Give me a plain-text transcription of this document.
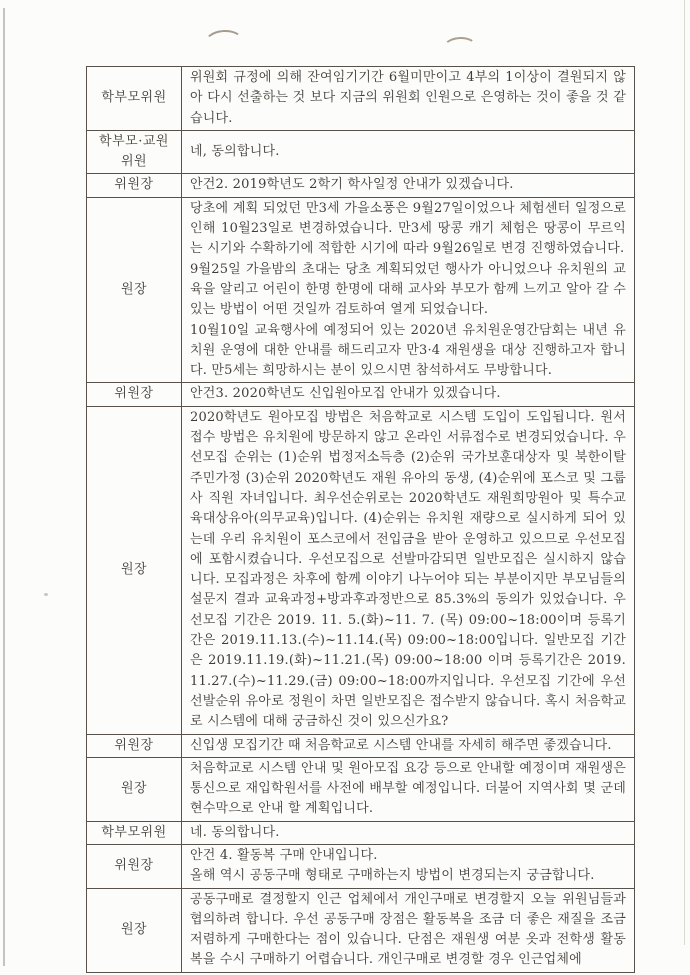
학부모위원	위원회 규정에 의해 잔여임기기간 6월미만이고 4부의 1이상이 결원되지 않아 다시 선출하는 것 보다 지금의 위원회 인원으로 은영하는 것이 좋을 것 같습니다.

학부모·교원
위원	네, 동의합니다.

위원장	안건2. 2019학년도 2학기 학사일정 안내가 있겠습니다.

원장	당초에 계획 되었던 만3세 가을소풍은 9월27일이었으나 체험센터 일정으로 인해 10월23일로 변경하였습니다. 만3세 땅콩 캐기 체험은 땅콩이 무르익는 시기와 수확하기에 적합한 시기에 따라 9월26일로 변경 진행하였습니다.
9월25일 가을밤의 초대는 당초 계획되었던 행사가 아니었으나 유치원의 교육을 알리고 어린이 한명 한명에 대해 교사와 부모가 함께 느끼고 알아 갈 수 있는 방법이 어떤 것일까 검토하여 열게 되었습니다.
10월10일 교육행사에 예정되어 있는 2020년 유치원운영간담회는 내년 유치원 운영에 대한 안내를 해드리고자 만3·4 재원생을 대상 진행하고자 합니다. 만5세는 희망하시는 분이 있으시면 참석하셔도 무방합니다.

위원장	안건3. 2020학년도 신입원아모집 안내가 있겠습니다.

원장	2020학년도 원아모집 방법은 처음학교로 시스템 도입이 도입됩니다. 원서 접수 방법은 유치원에 방문하지 않고 온라인 서류접수로 변경되었습니다. 우선모집 순위는 (1)순위 법정저소득층 (2)순위 국가보훈대상자 및 북한이탈주민가정 (3)순위 2020학년도 재원 유아의 동생, (4)순위에 포스코 및 그룹사 직원 자녀입니다. 최우선순위로는 2020학년도 재원희망원아 및 특수교육대상유아(의무교육)입니다. (4)순위는 유치원 재량으로 실시하게 되어 있는데 우리 유치원이 포스코에서 전입금을 받아 운영하고 있으므로 우선모집에 포함시켰습니다. 우선모집으로 선발마감되면 일반모집은 실시하지 않습니다. 모집과정은 차후에 함께 이야기 나누어야 되는 부분이지만 부모님들의 설문지 결과 교육과정+방과후과정반으로 85.3%의 동의가 있었습니다. 우선모집 기간은 2019. 11. 5.(화)~11. 7. (목) 09:00~18:00이며 등록기간은 2019.11.13.(수)~11.14.(목) 09:00~18:00입니다. 일반모집 기간은 2019.11.19.(화)~11.21.(목) 09:00~18:00 이며 등록기간은 2019.11.27.(수)~11.29.(금) 09:00~18:00까지입니다. 우선모집 기간에 우선선발순위 유아로 정원이 차면 일반모집은 접수받지 않습니다. 혹시 처음학교로 시스템에 대해 궁금하신 것이 있으신가요?

위원장	신입생 모집기간 때 처음학교로 시스템 안내를 자세히 해주면 좋겠습니다.

원장	처음학교로 시스템 안내 및 원아모집 요강 등으로 안내할 예정이며 재원생은 통신으로 재입학원서를 사전에 배부할 예정입니다. 더불어 지역사회 몇 군데 현수막으로 안내 할 계획입니다.

학부모위원	네. 동의합니다.

위원장	안건 4. 활동복 구매 안내입니다.
올해 역시 공동구매 형태로 구매하는지 방법이 변경되는지 궁금합니다.

원장	공동구매로 결정할지 인근 업체에서 개인구매로 변경할지 오늘 위원님들과 협의하려 합니다. 우선 공동구매 장점은 활동복을 조금 더 좋은 재질을 조금 저렴하게 구매한다는 점이 있습니다. 단점은 재원생 여분 옷과 전학생 활동복을 수시 구매하기 어렵습니다. 개인구매로 변경할 경우 인근업체에
